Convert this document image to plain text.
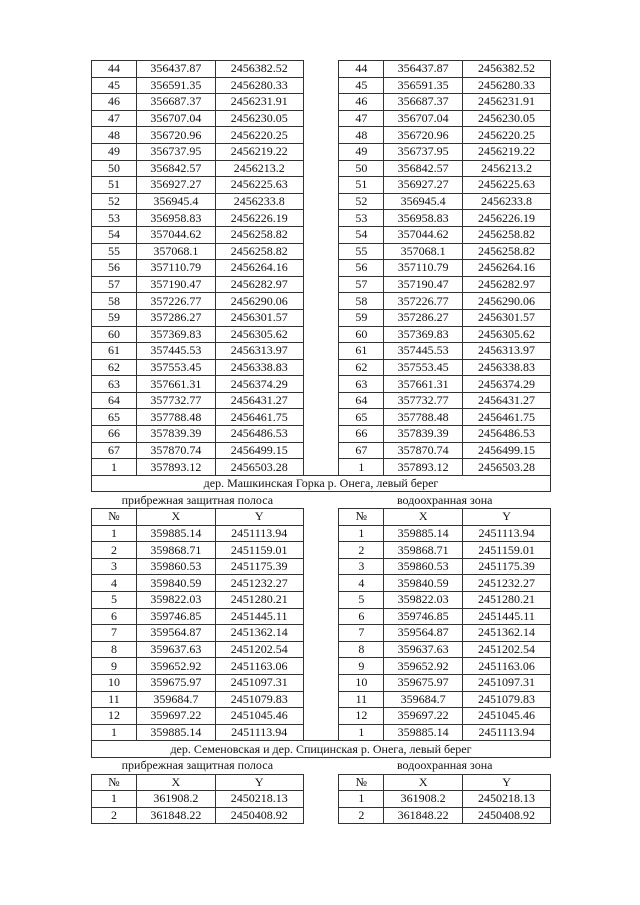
44	356437.87	2456382.52		44	356437.87	2456382.52
45	356591.35	2456280.33		45	356591.35	2456280.33
46	356687.37	2456231.91		46	356687.37	2456231.91
47	356707.04	2456230.05		47	356707.04	2456230.05
48	356720.96	2456220.25		48	356720.96	2456220.25
49	356737.95	2456219.22		49	356737.95	2456219.22
50	356842.57	2456213.2		50	356842.57	2456213.2
51	356927.27	2456225.63		51	356927.27	2456225.63
52	356945.4	2456233.8		52	356945.4	2456233.8
53	356958.83	2456226.19		53	356958.83	2456226.19
54	357044.62	2456258.82		54	357044.62	2456258.82
55	357068.1	2456258.82		55	357068.1	2456258.82
56	357110.79	2456264.16		56	357110.79	2456264.16
57	357190.47	2456282.97		57	357190.47	2456282.97
58	357226.77	2456290.06		58	357226.77	2456290.06
59	357286.27	2456301.57		59	357286.27	2456301.57
60	357369.83	2456305.62		60	357369.83	2456305.62
61	357445.53	2456313.97		61	357445.53	2456313.97
62	357553.45	2456338.83		62	357553.45	2456338.83
63	357661.31	2456374.29		63	357661.31	2456374.29
64	357732.77	2456431.27		64	357732.77	2456431.27
65	357788.48	2456461.75		65	357788.48	2456461.75
66	357839.39	2456486.53		66	357839.39	2456486.53
67	357870.74	2456499.15		67	357870.74	2456499.15
1	357893.12	2456503.28		1	357893.12	2456503.28
дер. Машкинская Горка р. Онега, левый берег						
прибрежная защитная полоса				водоохранная зона		
№	X	Y		№	X	Y
1	359885.14	2451113.94		1	359885.14	2451113.94
2	359868.71	2451159.01		2	359868.71	2451159.01
3	359860.53	2451175.39		3	359860.53	2451175.39
4	359840.59	2451232.27		4	359840.59	2451232.27
5	359822.03	2451280.21		5	359822.03	2451280.21
6	359746.85	2451445.11		6	359746.85	2451445.11
7	359564.87	2451362.14		7	359564.87	2451362.14
8	359637.63	2451202.54		8	359637.63	2451202.54
9	359652.92	2451163.06		9	359652.92	2451163.06
10	359675.97	2451097.31		10	359675.97	2451097.31
11	359684.7	2451079.83		11	359684.7	2451079.83
12	359697.22	2451045.46		12	359697.22	2451045.46
1	359885.14	2451113.94		1	359885.14	2451113.94
дер. Семеновская и дер. Спицинская р. Онега, левый берег						
прибрежная защитная полоса				водоохранная зона		
№	X	Y		№	X	Y
1	361908.2	2450218.13		1	361908.2	2450218.13
2	361848.22	2450408.92		2	361848.22	2450408.92
